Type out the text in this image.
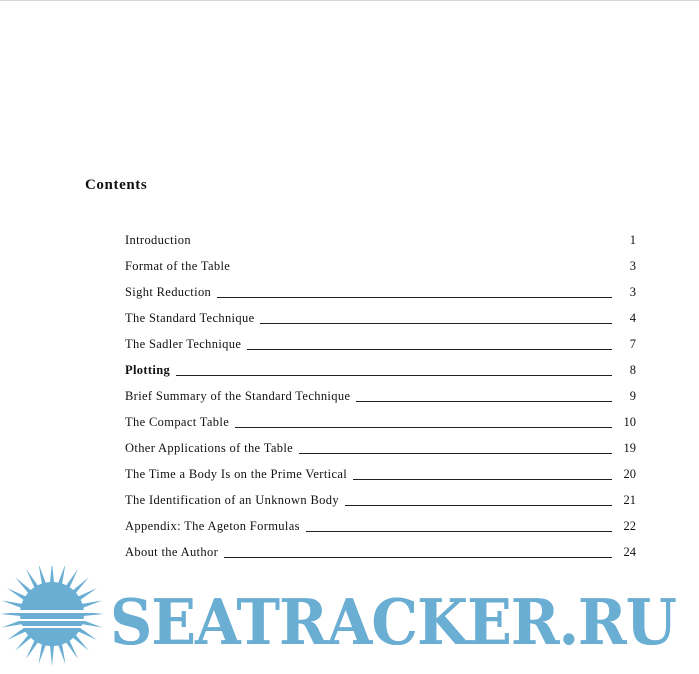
Contents
Introduction	1
Format of the Table	3
Sight Reduction	3
The Standard Technique	4
The Sadler Technique	7
Plotting	8
Brief Summary of the Standard Technique	9
The Compact Table	10
Other Applications of the Table	19
The Time a Body Is on the Prime Vertical	20
The Identification of an Unknown Body	21
Appendix: The Ageton Formulas	22
About the Author	24
SEATRACKER.RU
